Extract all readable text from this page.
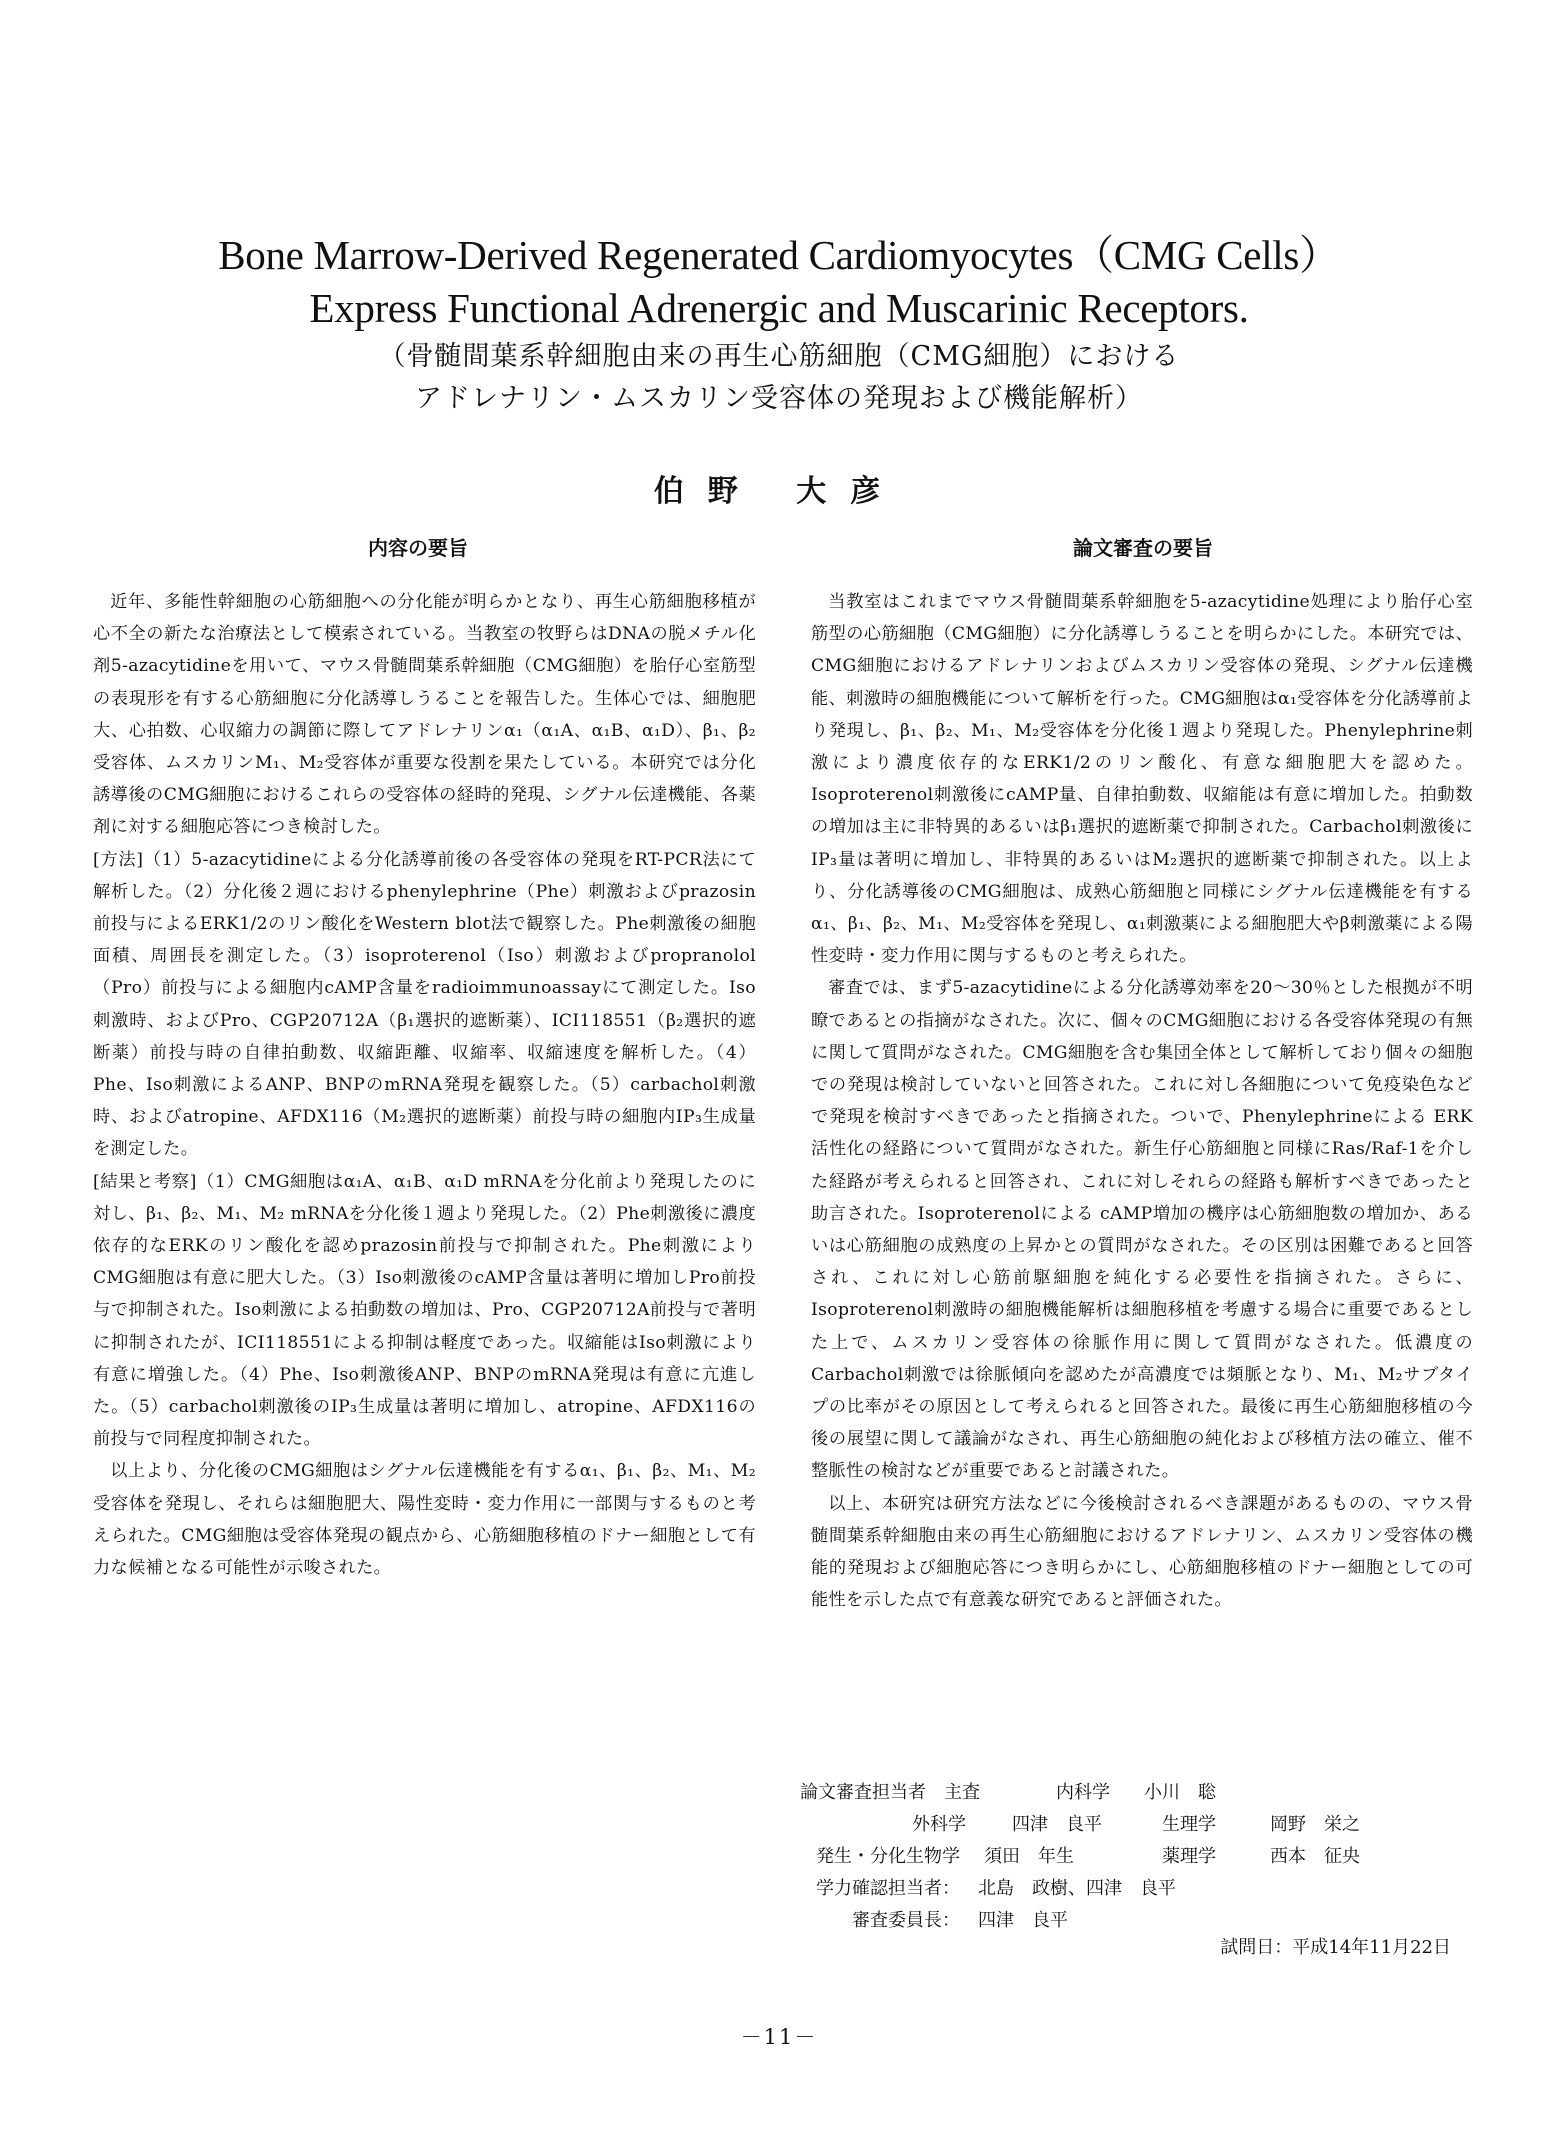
Bone Marrow-Derived Regenerated Cardiomyocytes（CMG Cells）
Express Functional Adrenergic and Muscarinic Receptors.
（骨髄間葉系幹細胞由来の再生心筋細胞（CMG細胞）における
アドレナリン・ムスカリン受容体の発現および機能解析）
伯野 大彦
内容の要旨	論文審査の要旨

近年、多能性幹細胞の心筋細胞への分化能が明らかとなり、再生心筋細胞移植が心不全の新たな治療法として模索されている。当教室の牧野らはDNAの脱メチル化剤5-azacytidineを用いて、マウス骨髄間葉系幹細胞（CMG細胞）を胎仔心室筋型の表現形を有する心筋細胞に分化誘導しうることを報告した。生体心では、細胞肥大、心拍数、心収縮力の調節に際してアドレナリンα₁（α₁A、α₁B、α₁D）、β₁、β₂受容体、ムスカリンM₁、M₂受容体が重要な役割を果たしている。本研究では分化誘導後のCMG細胞におけるこれらの受容体の経時的発現、シグナル伝達機能、各薬剤に対する細胞応答につき検討した。

[方法]（1）5-azacytidineによる分化誘導前後の各受容体の発現をRT-PCR法にて解析した。（2）分化後２週におけるphenylephrine（Phe）刺激およびprazosin前投与によるERK1/2のリン酸化をWestern blot法で観察した。Phe刺激後の細胞面積、周囲長を測定した。（3）isoproterenol（Iso）刺激およびpropranolol（Pro）前投与による細胞内cAMP含量をradioimmunoassayにて測定した。Iso刺激時、およびPro、CGP20712A（β₁選択的遮断薬）、ICI118551（β₂選択的遮断薬）前投与時の自律拍動数、収縮距離、収縮率、収縮速度を解析した。（4）Phe、Iso刺激によるANP、BNPのmRNA発現を観察した。（5）carbachol刺激時、およびatropine、AFDX116（M₂選択的遮断薬）前投与時の細胞内IP₃生成量を測定した。

[結果と考察]（1）CMG細胞はα₁A、α₁B、α₁D mRNAを分化前より発現したのに対し、β₁、β₂、M₁、M₂ mRNAを分化後１週より発現した。（2）Phe刺激後に濃度依存的なERKのリン酸化を認めprazosin前投与で抑制された。Phe刺激によりCMG細胞は有意に肥大した。（3）Iso刺激後のcAMP含量は著明に増加しPro前投与で抑制された。Iso刺激による拍動数の増加は、Pro、CGP20712A前投与で著明に抑制されたが、ICI118551による抑制は軽度であった。収縮能はIso刺激により有意に増強した。（4）Phe、Iso刺激後ANP、BNPのmRNA発現は有意に亢進した。（5）carbachol刺激後のIP₃生成量は著明に増加し、atropine、AFDX116の前投与で同程度抑制された。

以上より、分化後のCMG細胞はシグナル伝達機能を有するα₁、β₁、β₂、M₁、M₂受容体を発現し、それらは細胞肥大、陽性変時・変力作用に一部関与するものと考えられた。CMG細胞は受容体発現の観点から、心筋細胞移植のドナー細胞として有力な候補となる可能性が示唆された。

当教室はこれまでマウス骨髄間葉系幹細胞を5-azacytidine処理により胎仔心室筋型の心筋細胞（CMG細胞）に分化誘導しうることを明らかにした。本研究では、CMG細胞におけるアドレナリンおよびムスカリン受容体の発現、シグナル伝達機能、刺激時の細胞機能について解析を行った。CMG細胞はα₁受容体を分化誘導前より発現し、β₁、β₂、M₁、M₂受容体を分化後１週より発現した。Phenylephrine刺激により濃度依存的なERK1/2のリン酸化、有意な細胞肥大を認めた。Isoproterenol刺激後にcAMP量、自律拍動数、収縮能は有意に増加した。拍動数の増加は主に非特異的あるいはβ₁選択的遮断薬で抑制された。Carbachol刺激後にIP₃量は著明に増加し、非特異的あるいはM₂選択的遮断薬で抑制された。以上より、分化誘導後のCMG細胞は、成熟心筋細胞と同様にシグナル伝達機能を有するα₁、β₁、β₂、M₁、M₂受容体を発現し、α₁刺激薬による細胞肥大やβ刺激薬による陽性変時・変力作用に関与するものと考えられた。

審査では、まず5-azacytidineによる分化誘導効率を20～30％とした根拠が不明瞭であるとの指摘がなされた。次に、個々のCMG細胞における各受容体発現の有無に関して質問がなされた。CMG細胞を含む集団全体として解析しており個々の細胞での発現は検討していないと回答された。これに対し各細胞について免疫染色などで発現を検討すべきであったと指摘された。ついで、Phenylephrineによる ERK活性化の経路について質問がなされた。新生仔心筋細胞と同様にRas/Raf-1を介した経路が考えられると回答され、これに対しそれらの経路も解析すべきであったと助言された。Isoproterenolによる cAMP増加の機序は心筋細胞数の増加か、あるいは心筋細胞の成熟度の上昇かとの質問がなされた。その区別は困難であると回答され、これに対し心筋前駆細胞を純化する必要性を指摘された。さらに、Isoproterenol刺激時の細胞機能解析は細胞移植を考慮する場合に重要であるとした上で、ムスカリン受容体の徐脈作用に関して質問がなされた。低濃度のCarbachol刺激では徐脈傾向を認めたが高濃度では頻脈となり、M₁、M₂サブタイプの比率がその原因として考えられると回答された。最後に再生心筋細胞移植の今後の展望に関して議論がなされ、再生心筋細胞の純化および移植方法の確立、催不整脈性の検討などが重要であると討議された。

以上、本研究は研究方法などに今後検討されるべき課題があるものの、マウス骨髄間葉系幹細胞由来の再生心筋細胞におけるアドレナリン、ムスカリン受容体の機能的発現および細胞応答につき明らかにし、心筋細胞移植のドナー細胞としての可能性を示した点で有意義な研究であると評価された。

論文審査担当者　主査	内科学 小川　聡
外科学	四津　良平	生理学	岡野　栄之
発生・分化生物学 須田　年生	薬理学	西本　征央
学力確認担当者： 北島　政樹、四津　良平
審査委員長： 四津　良平
試問日：平成14年11月22日
－11－
